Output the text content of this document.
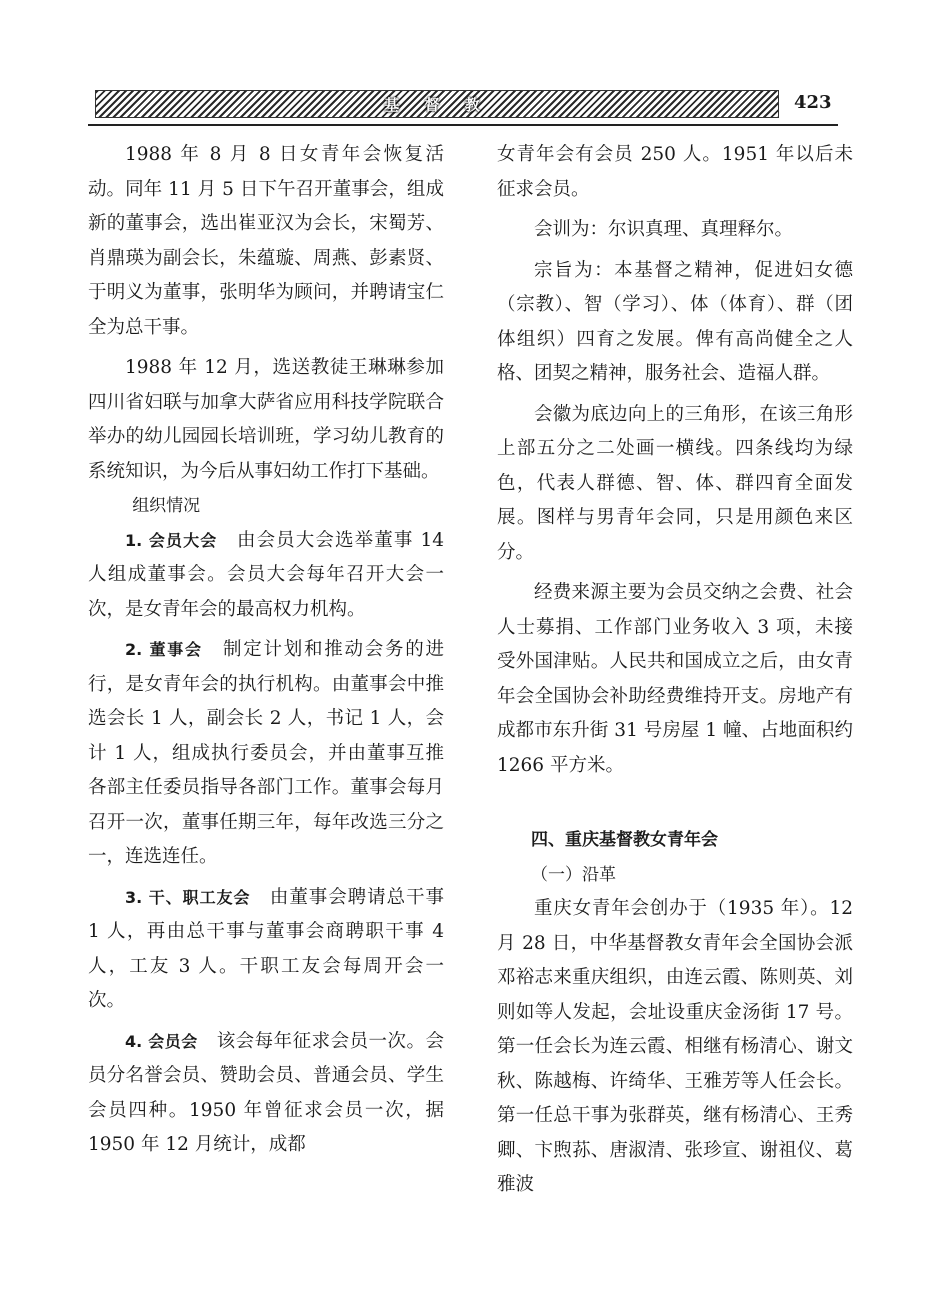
基 督 教	423

1988 年 8 月 8 日女青年会恢复活动。同年 11 月 5 日下午召开董事会，组成新的董事会，选出崔亚汉为会长，宋蜀芳、肖鼎瑛为副会长，朱蕴璇、周燕、彭素贤、于明义为董事，张明华为顾问，并聘请宝仁全为总干事。

1988 年 12 月，选送教徒王琳琳参加四川省妇联与加拿大萨省应用科技学院联合举办的幼儿园园长培训班，学习幼儿教育的系统知识，为今后从事妇幼工作打下基础。

组织情况

1. 会员大会  由会员大会选举董事 14 人组成董事会。会员大会每年召开大会一次，是女青年会的最高权力机构。

2. 董事会  制定计划和推动会务的进行，是女青年会的执行机构。由董事会中推选会长 1 人，副会长 2 人，书记 1 人，会计 1 人，组成执行委员会，并由董事互推各部主任委员指导各部门工作。董事会每月召开一次，董事任期三年，每年改选三分之一，连选连任。

3. 干、职工友会  由董事会聘请总干事 1 人，再由总干事与董事会商聘职干事 4 人，工友 3 人。干职工友会每周开会一次。

4. 会员会  该会每年征求会员一次。会员分名誉会员、赞助会员、普通会员、学生会员四种。1950 年曾征求会员一次，据 1950 年 12 月统计，成都

女青年会有会员 250 人。1951 年以后未征求会员。

会训为：尔识真理、真理释尔。

宗旨为：本基督之精神，促进妇女德（宗教）、智（学习）、体（体育）、群（团体组织）四育之发展。俾有高尚健全之人格、团契之精神，服务社会、造福人群。

会徽为底边向上的三角形，在该三角形上部五分之二处画一横线。四条线均为绿色，代表人群德、智、体、群四育全面发展。图样与男青年会同，只是用颜色来区分。

经费来源主要为会员交纳之会费、社会人士募捐、工作部门业务收入 3 项，未接受外国津贴。人民共和国成立之后，由女青年会全国协会补助经费维持开支。房地产有成都市东升街 31 号房屋 1 幢、占地面积约 1266 平方米。

四、重庆基督教女青年会

（一）沿革

重庆女青年会创办于（1935 年）。12 月 28 日，中华基督教女青年会全国协会派邓裕志来重庆组织，由连云霞、陈则英、刘则如等人发起，会址设重庆金汤街 17 号。第一任会长为连云霞、相继有杨清心、谢文秋、陈越梅、许绮华、王雅芳等人任会长。第一任总干事为张群英，继有杨清心、王秀卿、卞煦荪、唐淑清、张珍宣、谢祖仪、葛雅波
